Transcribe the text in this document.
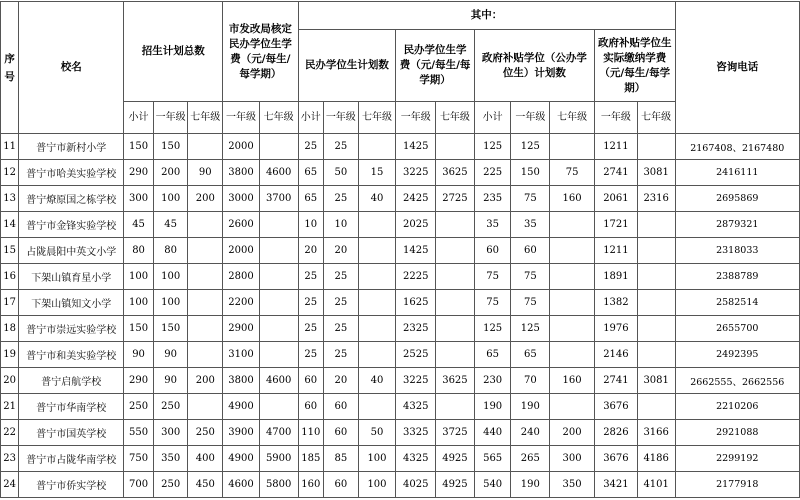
序号	校名	招生计划总数			市发改局核定民办学位生学费（元/每生/每学期）		其中：										咨询电话
							民办学位生计划数			民办学位生学费（元/每生/每学期）		政府补贴学位（公办学位生）计划数			政府补贴学位生实际缴纳学费（元/每生/每学期）		
		小计	一年级	七年级	一年级	七年级	小计	一年级	七年级	一年级	七年级	小计	一年级	七年级	一年级	七年级	
11	普宁市新村小学	150	150		2000		25	25		1425		125	125		1211		2167408、2167480
12	普宁市哈美实验学校	290	200	90	3800	4600	65	50	15	3225	3625	225	150	75	2741	3081	2416111
13	普宁燎原国之栋学校	300	100	200	3000	3700	65	25	40	2425	2725	235	75	160	2061	2316	2695869
14	普宁市金锋实验学校	45	45		2600		10	10		2025		35	35		1721		2879321
15	占陇晨阳中英文小学	80	80		2000		20	20		1425		60	60		1211		2318033
16	下架山镇育星小学	100	100		2800		25	25		2225		75	75		1891		2388789
17	下架山镇知文小学	100	100		2200		25	25		1625		75	75		1382		2582514
18	普宁市崇远实验学校	150	150		2900		25	25		2325		125	125		1976		2655700
19	普宁市和美实验学校	90	90		3100		25	25		2525		65	65		2146		2492395
20	普宁启航学校	290	90	200	3800	4600	60	20	40	3225	3625	230	70	160	2741	3081	2662555、2662556
21	普宁市华南学校	250	250		4900		60	60		4325		190	190		3676		2210206
22	普宁市国英学校	550	300	250	3900	4700	110	60	50	3325	3725	440	240	200	2826	3166	2921088
23	普宁市占陇华南学校	750	350	400	4900	5900	185	85	100	4325	4925	565	265	300	3676	4186	2299192
24	普宁市侨实学校	700	250	450	4600	5800	160	60	100	4025	4925	540	190	350	3421	4101	2177918
